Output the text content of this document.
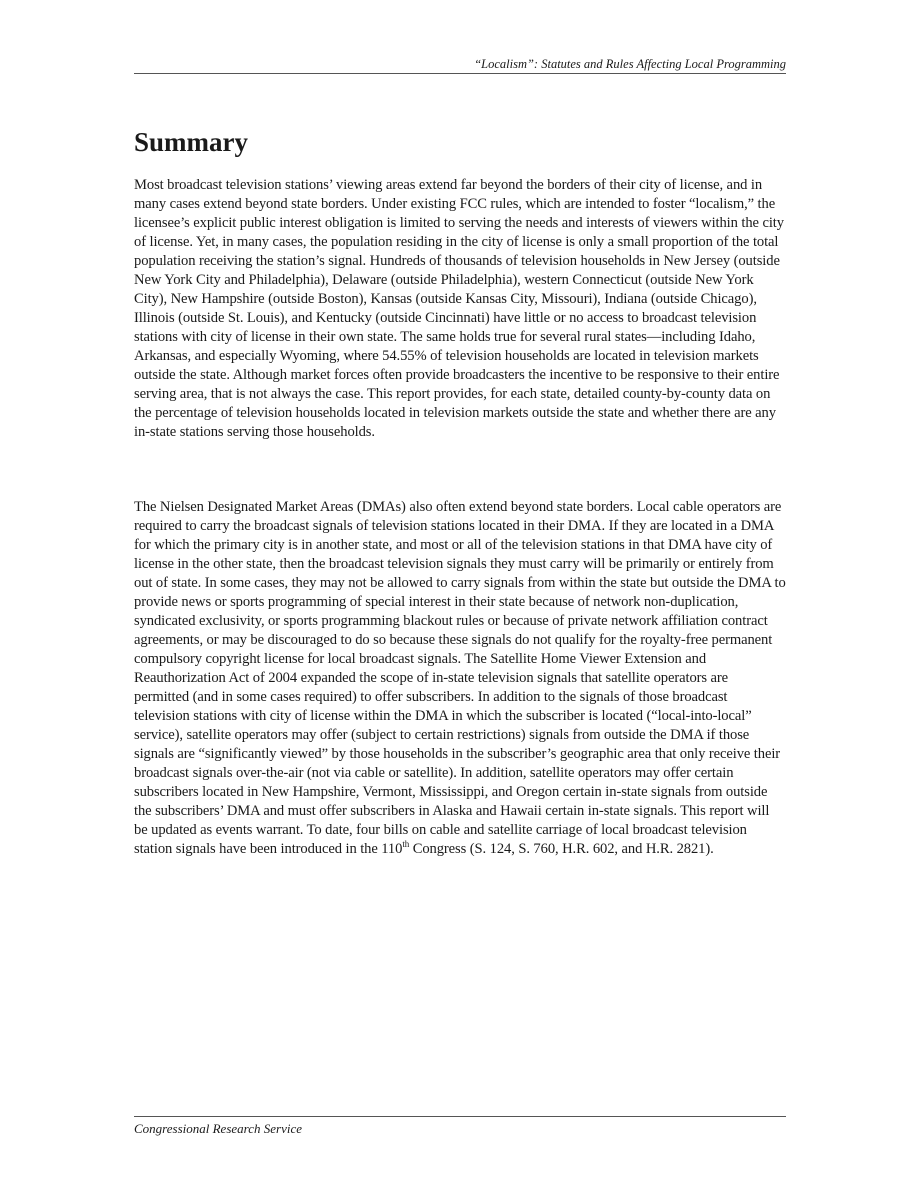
“Localism”: Statutes and Rules Affecting Local Programming
Summary

Most broadcast television stations’ viewing areas extend far beyond the borders of their city of license, and in many cases extend beyond state borders. Under existing FCC rules, which are intended to foster “localism,” the licensee’s explicit public interest obligation is limited to serving the needs and interests of viewers within the city of license. Yet, in many cases, the population residing in the city of license is only a small proportion of the total population receiving the station’s signal. Hundreds of thousands of television households in New Jersey (outside New York City and Philadelphia), Delaware (outside Philadelphia), western Connecticut (outside New York City), New Hampshire (outside Boston), Kansas (outside Kansas City, Missouri), Indiana (outside Chicago), Illinois (outside St. Louis), and Kentucky (outside Cincinnati) have little or no access to broadcast television stations with city of license in their own state. The same holds true for several rural states—including Idaho, Arkansas, and especially Wyoming, where 54.55% of television households are located in television markets outside the state. Although market forces often provide broadcasters the incentive to be responsive to their entire serving area, that is not always the case. This report provides, for each state, detailed county-by-county data on the percentage of television households located in television markets outside the state and whether there are any in-state stations serving those households.

The Nielsen Designated Market Areas (DMAs) also often extend beyond state borders. Local cable operators are required to carry the broadcast signals of television stations located in their DMA. If they are located in a DMA for which the primary city is in another state, and most or all of the television stations in that DMA have city of license in the other state, then the broadcast television signals they must carry will be primarily or entirely from out of state. In some cases, they may not be allowed to carry signals from within the state but outside the DMA to provide news or sports programming of special interest in their state because of network non-duplication, syndicated exclusivity, or sports programming blackout rules or because of private network affiliation contract agreements, or may be discouraged to do so because these signals do not qualify for the royalty-free permanent compulsory copyright license for local broadcast signals. The Satellite Home Viewer Extension and Reauthorization Act of 2004 expanded the scope of in-state television signals that satellite operators are permitted (and in some cases required) to offer subscribers. In addition to the signals of those broadcast television stations with city of license within the DMA in which the subscriber is located (“local-into-local” service), satellite operators may offer (subject to certain restrictions) signals from outside the DMA if those signals are “significantly viewed” by those households in the subscriber’s geographic area that only receive their broadcast signals over-the-air (not via cable or satellite). In addition, satellite operators may offer certain subscribers located in New Hampshire, Vermont, Mississippi, and Oregon certain in-state signals from outside the subscribers’ DMA and must offer subscribers in Alaska and Hawaii certain in-state signals. This report will be updated as events warrant. To date, four bills on cable and satellite carriage of local broadcast television station signals have been introduced in the 110th Congress (S. 124, S. 760, H.R. 602, and H.R. 2821).

Congressional Research Service
